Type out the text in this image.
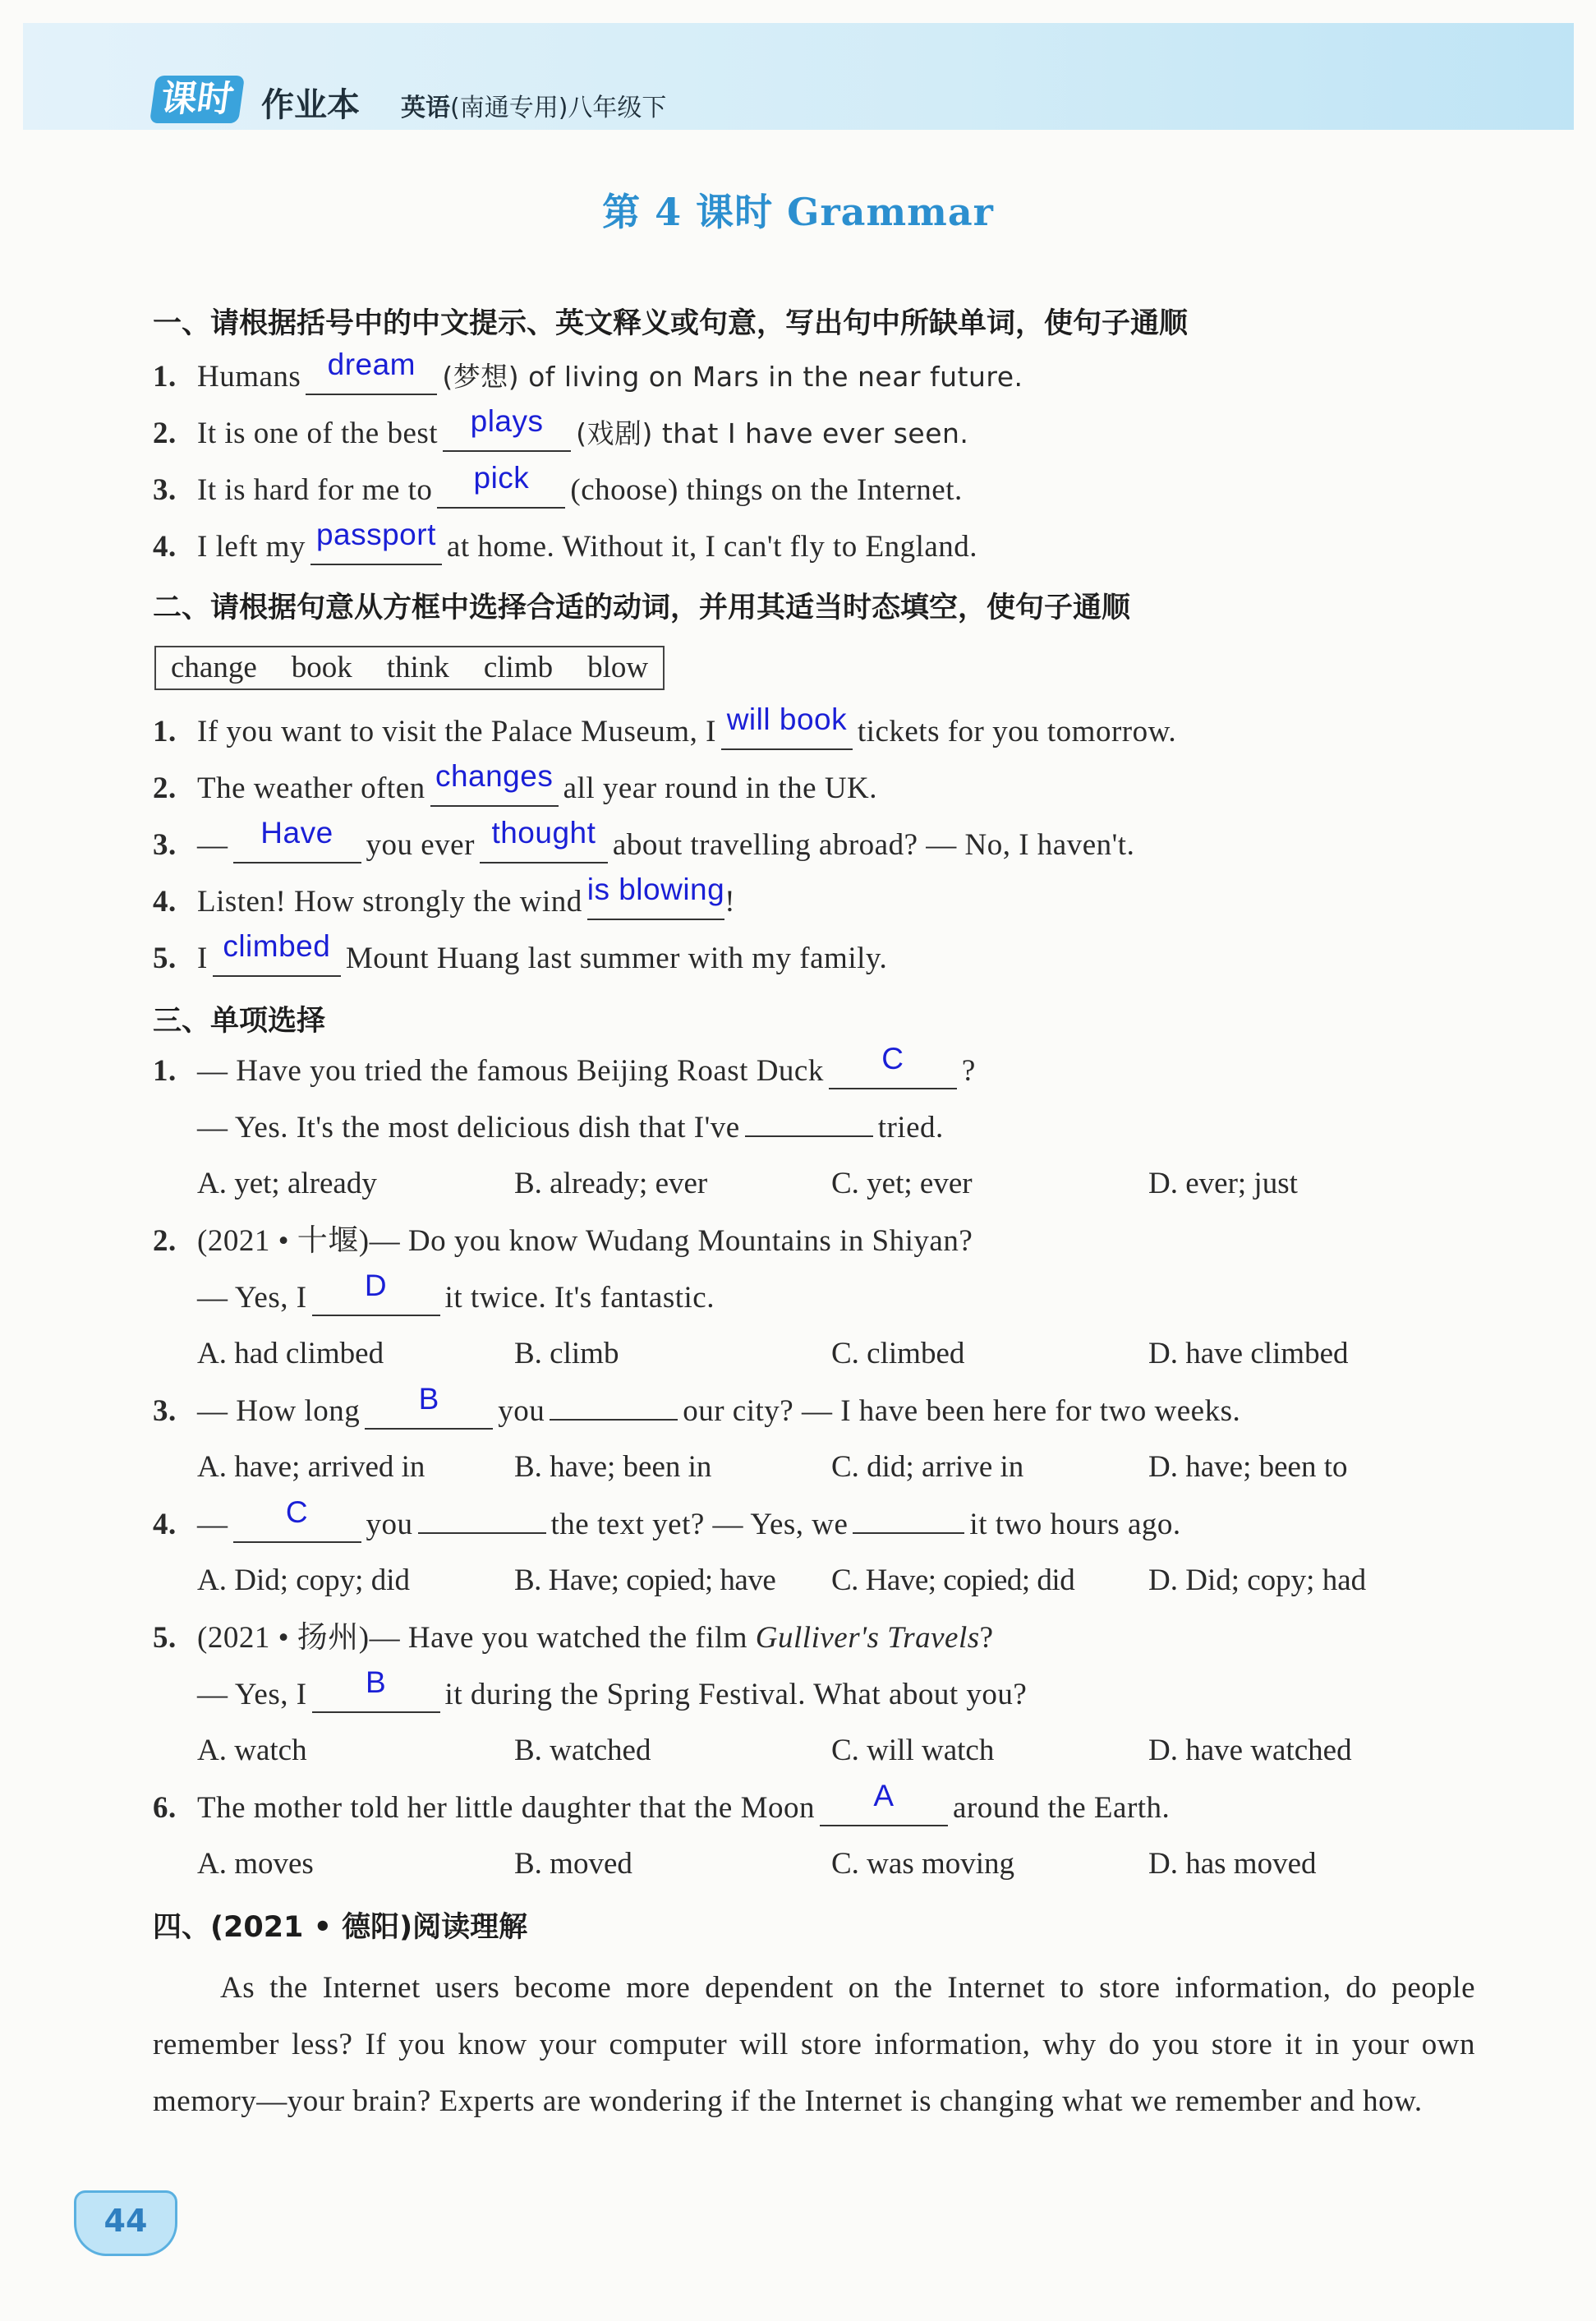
课时 作业本 英语(南通专用)八年级下
第 4 课时 Grammar
一、请根据括号中的中文提示、英文释义或句意，写出句中所缺单词，使句子通顺
1. Humans dream (梦想) of living on Mars in the near future.
2. It is one of the best plays (戏剧) that I have ever seen.
3. It is hard for me to pick (choose) things on the Internet.
4. I left my passport at home. Without it, I can't fly to England.
二、请根据句意从方框中选择合适的动词，并用其适当时态填空，使句子通顺
change book think climb blow
1. If you want to visit the Palace Museum, I will book tickets for you tomorrow.
2. The weather often changes all year round in the UK.
3. — Have you ever thought about travelling abroad? — No, I haven't.
4. Listen! How strongly the wind is blowing!
5. I climbed Mount Huang last summer with my family.
三、单项选择
1. — Have you tried the famous Beijing Roast Duck C ?
— Yes. It's the most delicious dish that I've	tried.
A. yet; already	B. already; ever	C. yet; ever	D. ever; just
2. (2021 • 十堰)— Do you know Wudang Mountains in Shiyan?
— Yes, I D it twice. It's fantastic.
A. had climbed	B. climb	C. climbed	D. have climbed
3. — How long B you	our city? — I have been here for two weeks.
A. have; arrived in	B. have; been in	C. did; arrive in	D. have; been to
4. — C you	the text yet? — Yes, we	it two hours ago.
A. Did; copy; did	B. Have; copied; have C. Have; copied; did D. Did; copy; had
5. (2021 • 扬州)— Have you watched the film Gulliver's Travels?
— Yes, I B it during the Spring Festival. What about you?
A. watch	B. watched	C. will watch	D. have watched
6. The mother told her little daughter that the Moon A around the Earth.
A. moves	B. moved	C. was moving	D. has moved
四、(2021 • 德阳)阅读理解
As the Internet users become more dependent on the Internet to store information, do people remember less? If you know your computer will store information, why do you store it in your own memory—your brain? Experts are wondering if the Internet is changing what we remember and how.
44
